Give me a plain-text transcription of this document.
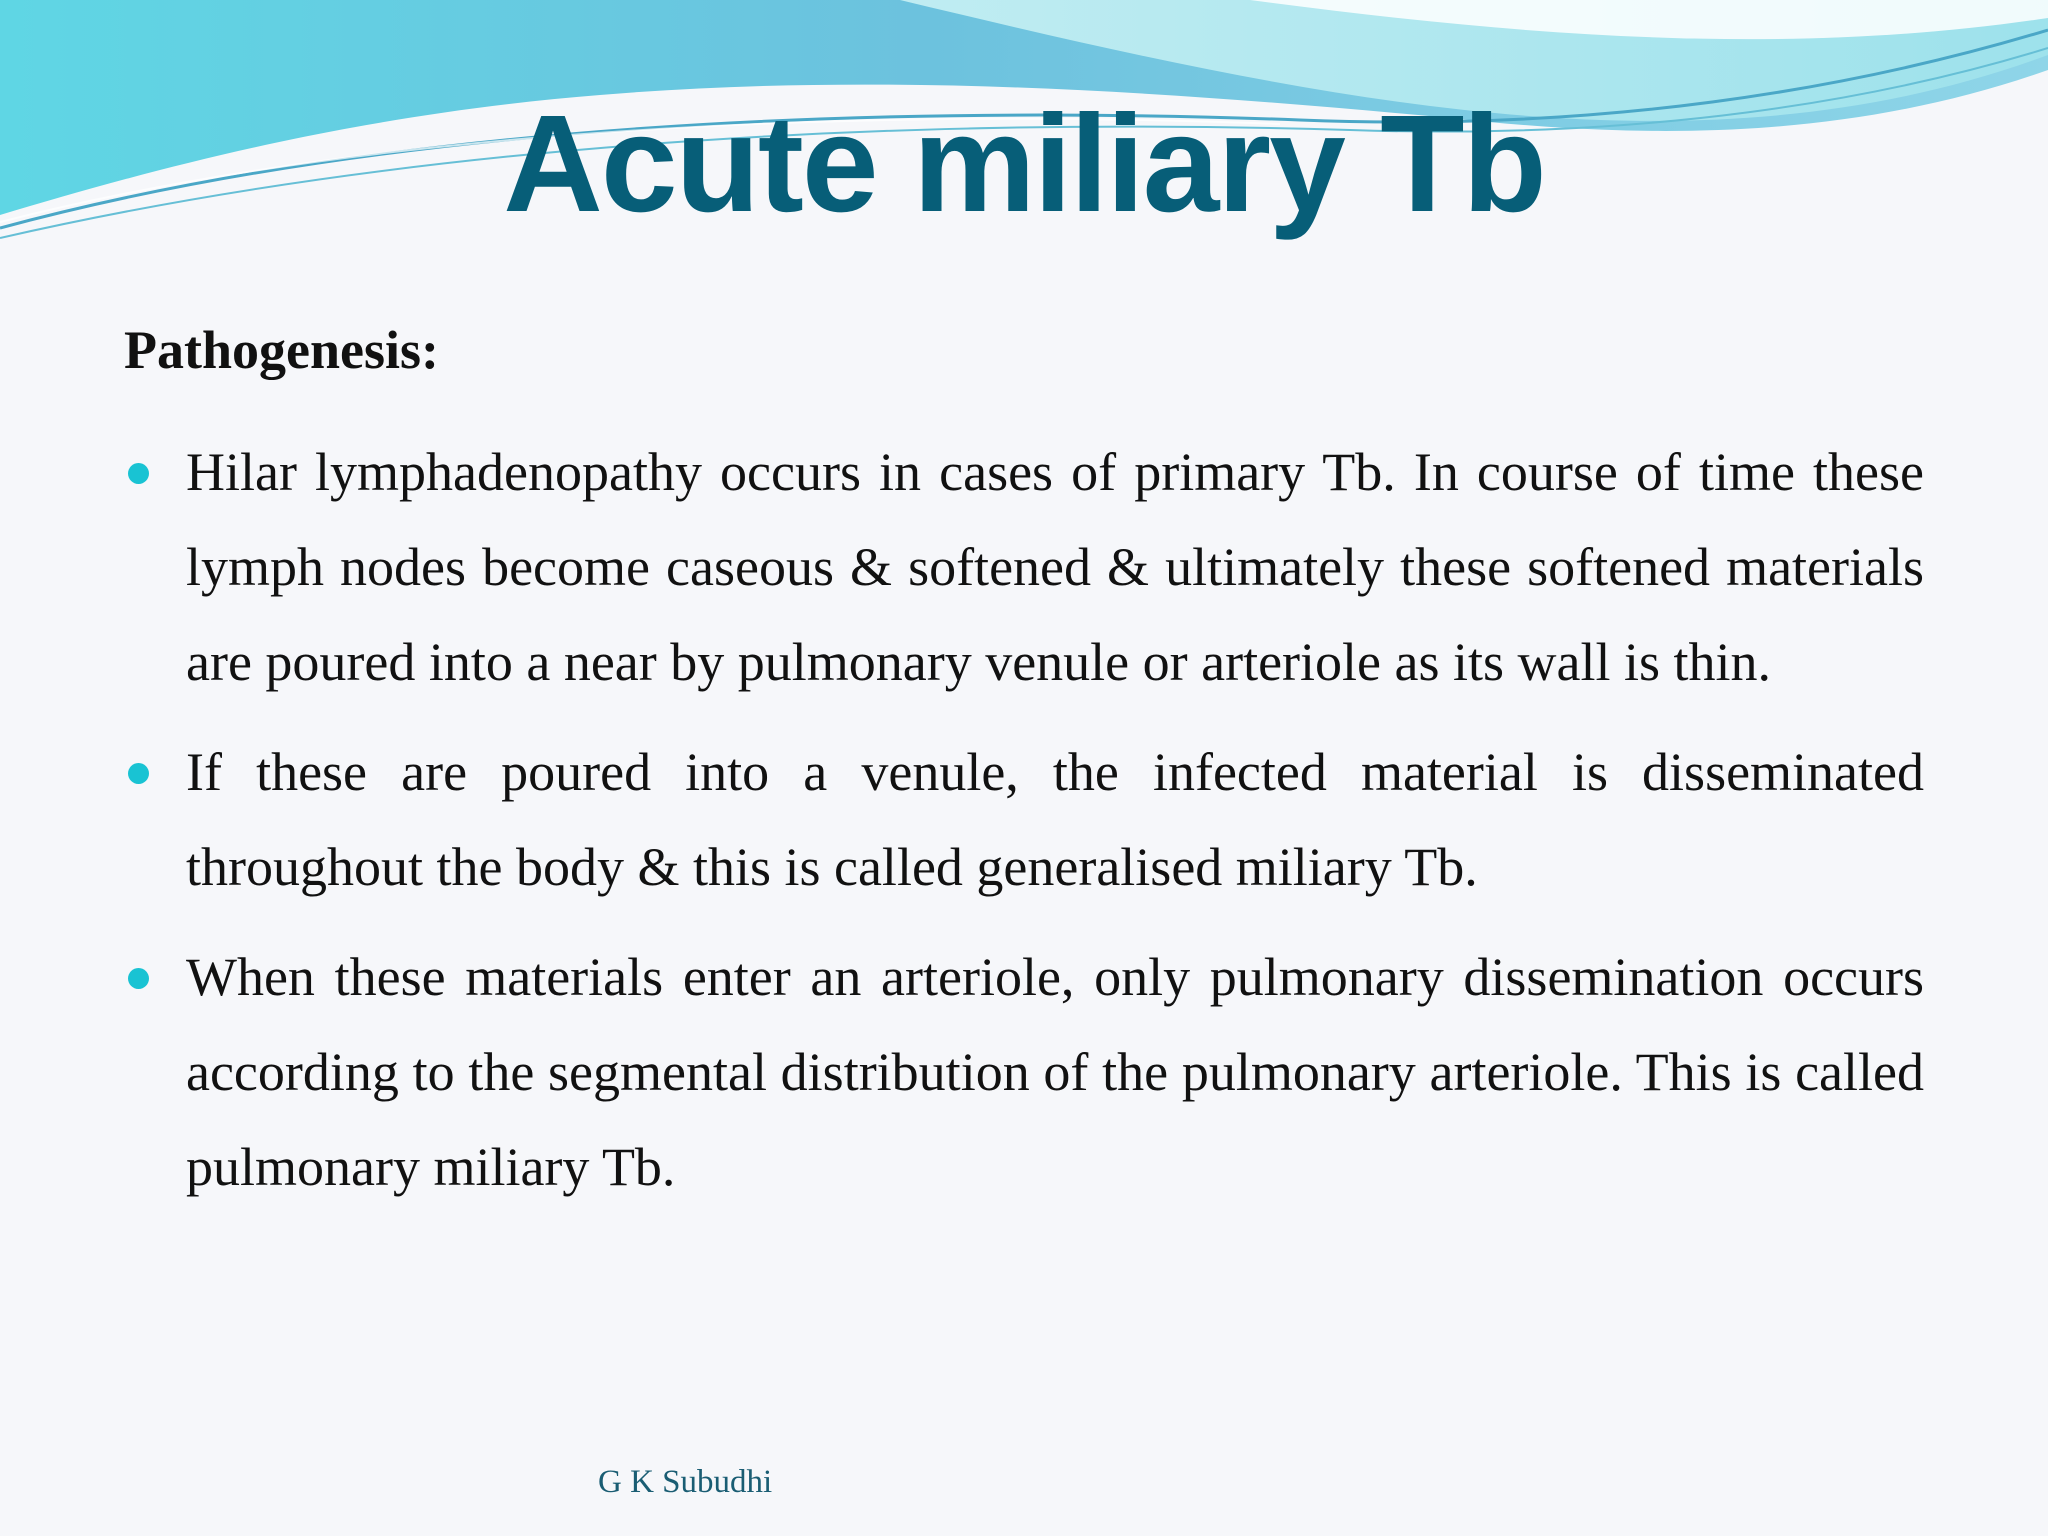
Acute miliary Tb
Pathogenesis:
Hilar lymphadenopathy occurs in cases of primary Tb. In course of time these lymph nodes become caseous & softened & ultimately these softened materials are poured into a near by pulmonary venule or arteriole as its wall is thin.
If these are poured into a venule, the infected material is disseminated throughout the body & this is called generalised miliary Tb.
When these materials enter an arteriole, only pulmonary dissemination occurs according to the segmental distribution of the pulmonary arteriole. This is called pulmonary miliary Tb.

G K Subudhi
